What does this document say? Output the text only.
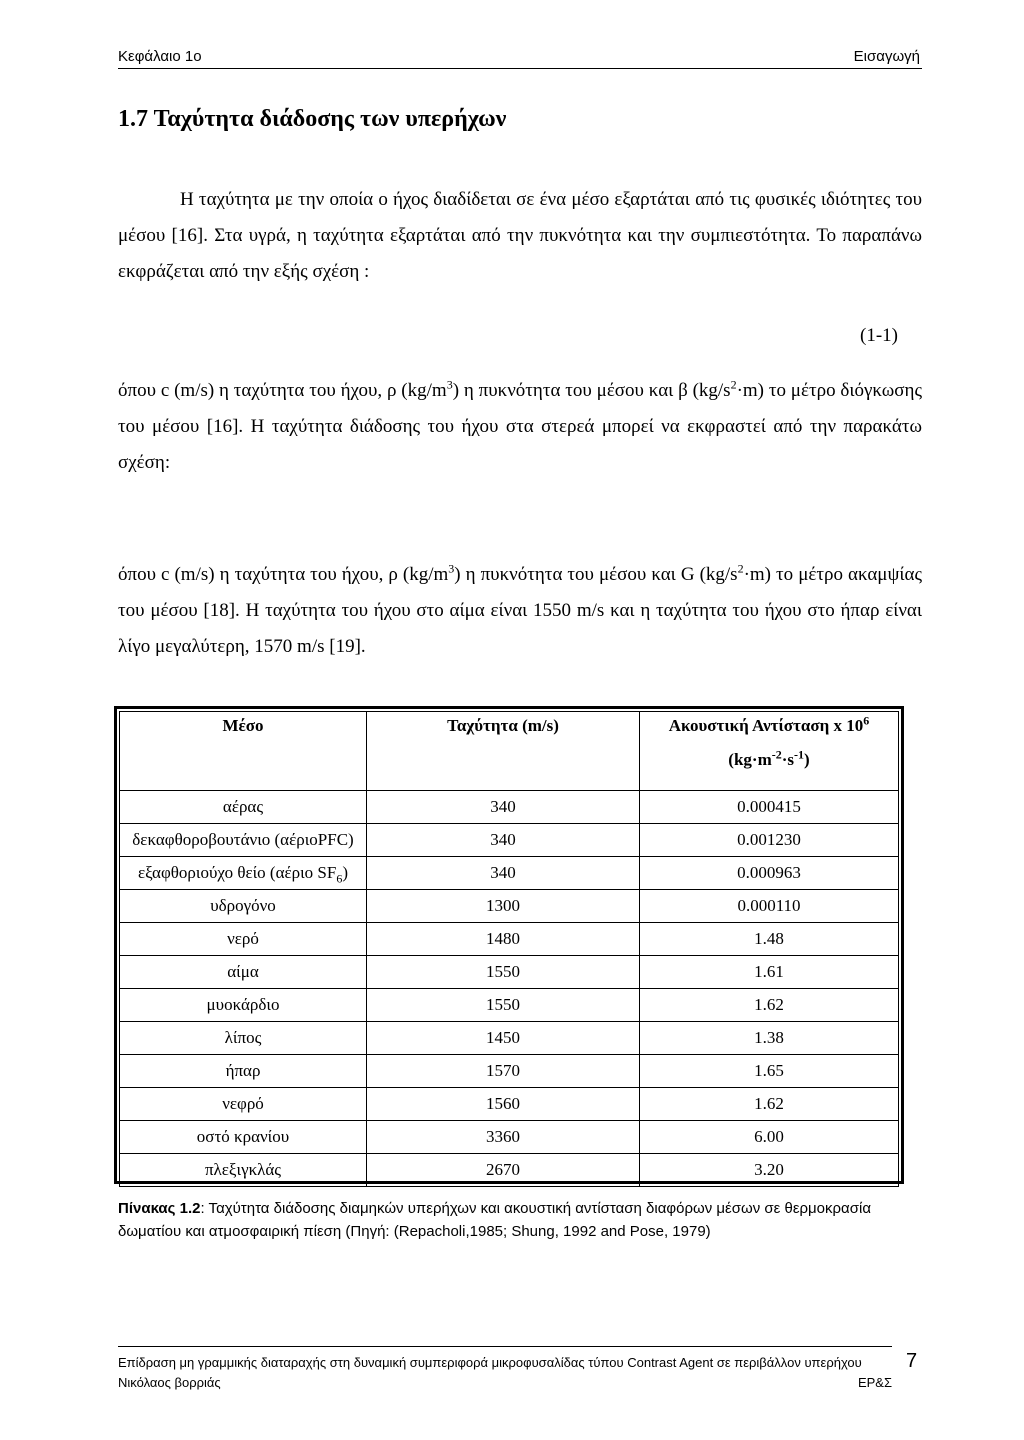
Κεφάλαιο 1ο	Εισαγωγή
1.7 Ταχύτητα διάδοσης των υπερήχων

Η ταχύτητα με την οποία ο ήχος διαδίδεται σε ένα μέσο εξαρτάται από τις φυσικές ιδιότητες του μέσου [16]. Στα υγρά, η ταχύτητα εξαρτάται από την πυκνότητα και την συμπιεστότητα. Το παραπάνω εκφράζεται από την εξής σχέση :

(1-1)

όπου c (m/s) η ταχύτητα του ήχου, ρ $(kg/m^3)$ η πυκνότητα του μέσου και β $(kg/s^2\cdot m)$ το μέτρο διόγκωσης του μέσου [16]. Η ταχύτητα διάδοσης του ήχου στα στερεά μπορεί να εκφραστεί από την παρακάτω σχέση:

όπου c (m/s) η ταχύτητα του ήχου, ρ $(kg/m^3)$ η πυκνότητα του μέσου και G $(kg/s^2\cdot m)$ το μέτρο ακαμψίας του μέσου [18]. Η ταχύτητα του ήχου στο αίμα είναι 1550 m/s και η ταχύτητα του ήχου στο ήπαρ είναι λίγο μεγαλύτερη, 1570 m/s [19].

Μέσο	Ταχύτητα (m/s)	Ακουστική Αντίσταση x $10^6$
$(kg\cdot m^{-2}\cdot s^{-1})$
αέρας	340	0.000415
δεκαφθοροβουτάνιο (αέριοPFC)	340	0.001230
εξαφθοριούχο θείο (αέριο $SF_6$)	340	0.000963
υδρογόνο	1300	0.000110
νερό	1480	1.48
αίμα	1550	1.61
μυοκάρδιο	1550	1.62
λίπος	1450	1.38
ήπαρ	1570	1.65
νεφρό	1560	1.62
οστό κρανίου	3360	6.00
πλεξιγκλάς	2670	3.20
Πίνακας 1.2: Ταχύτητα διάδοσης διαμηκών υπερήχων και ακουστική αντίσταση διαφόρων μέσων σε θερμοκρασία δωματίου και ατμοσφαιρική πίεση (Πηγή: (Repacholi,1985; Shung, 1992 and Pose, 1979)
Επίδραση μη γραμμικής διαταραχής στη δυναμική συμπεριφορά μικροφυσαλίδας τύπου Contrast Agent σε περιβάλλον υπερήχου
Νικόλαος βορριάς	ΕΡ&Σ
7
